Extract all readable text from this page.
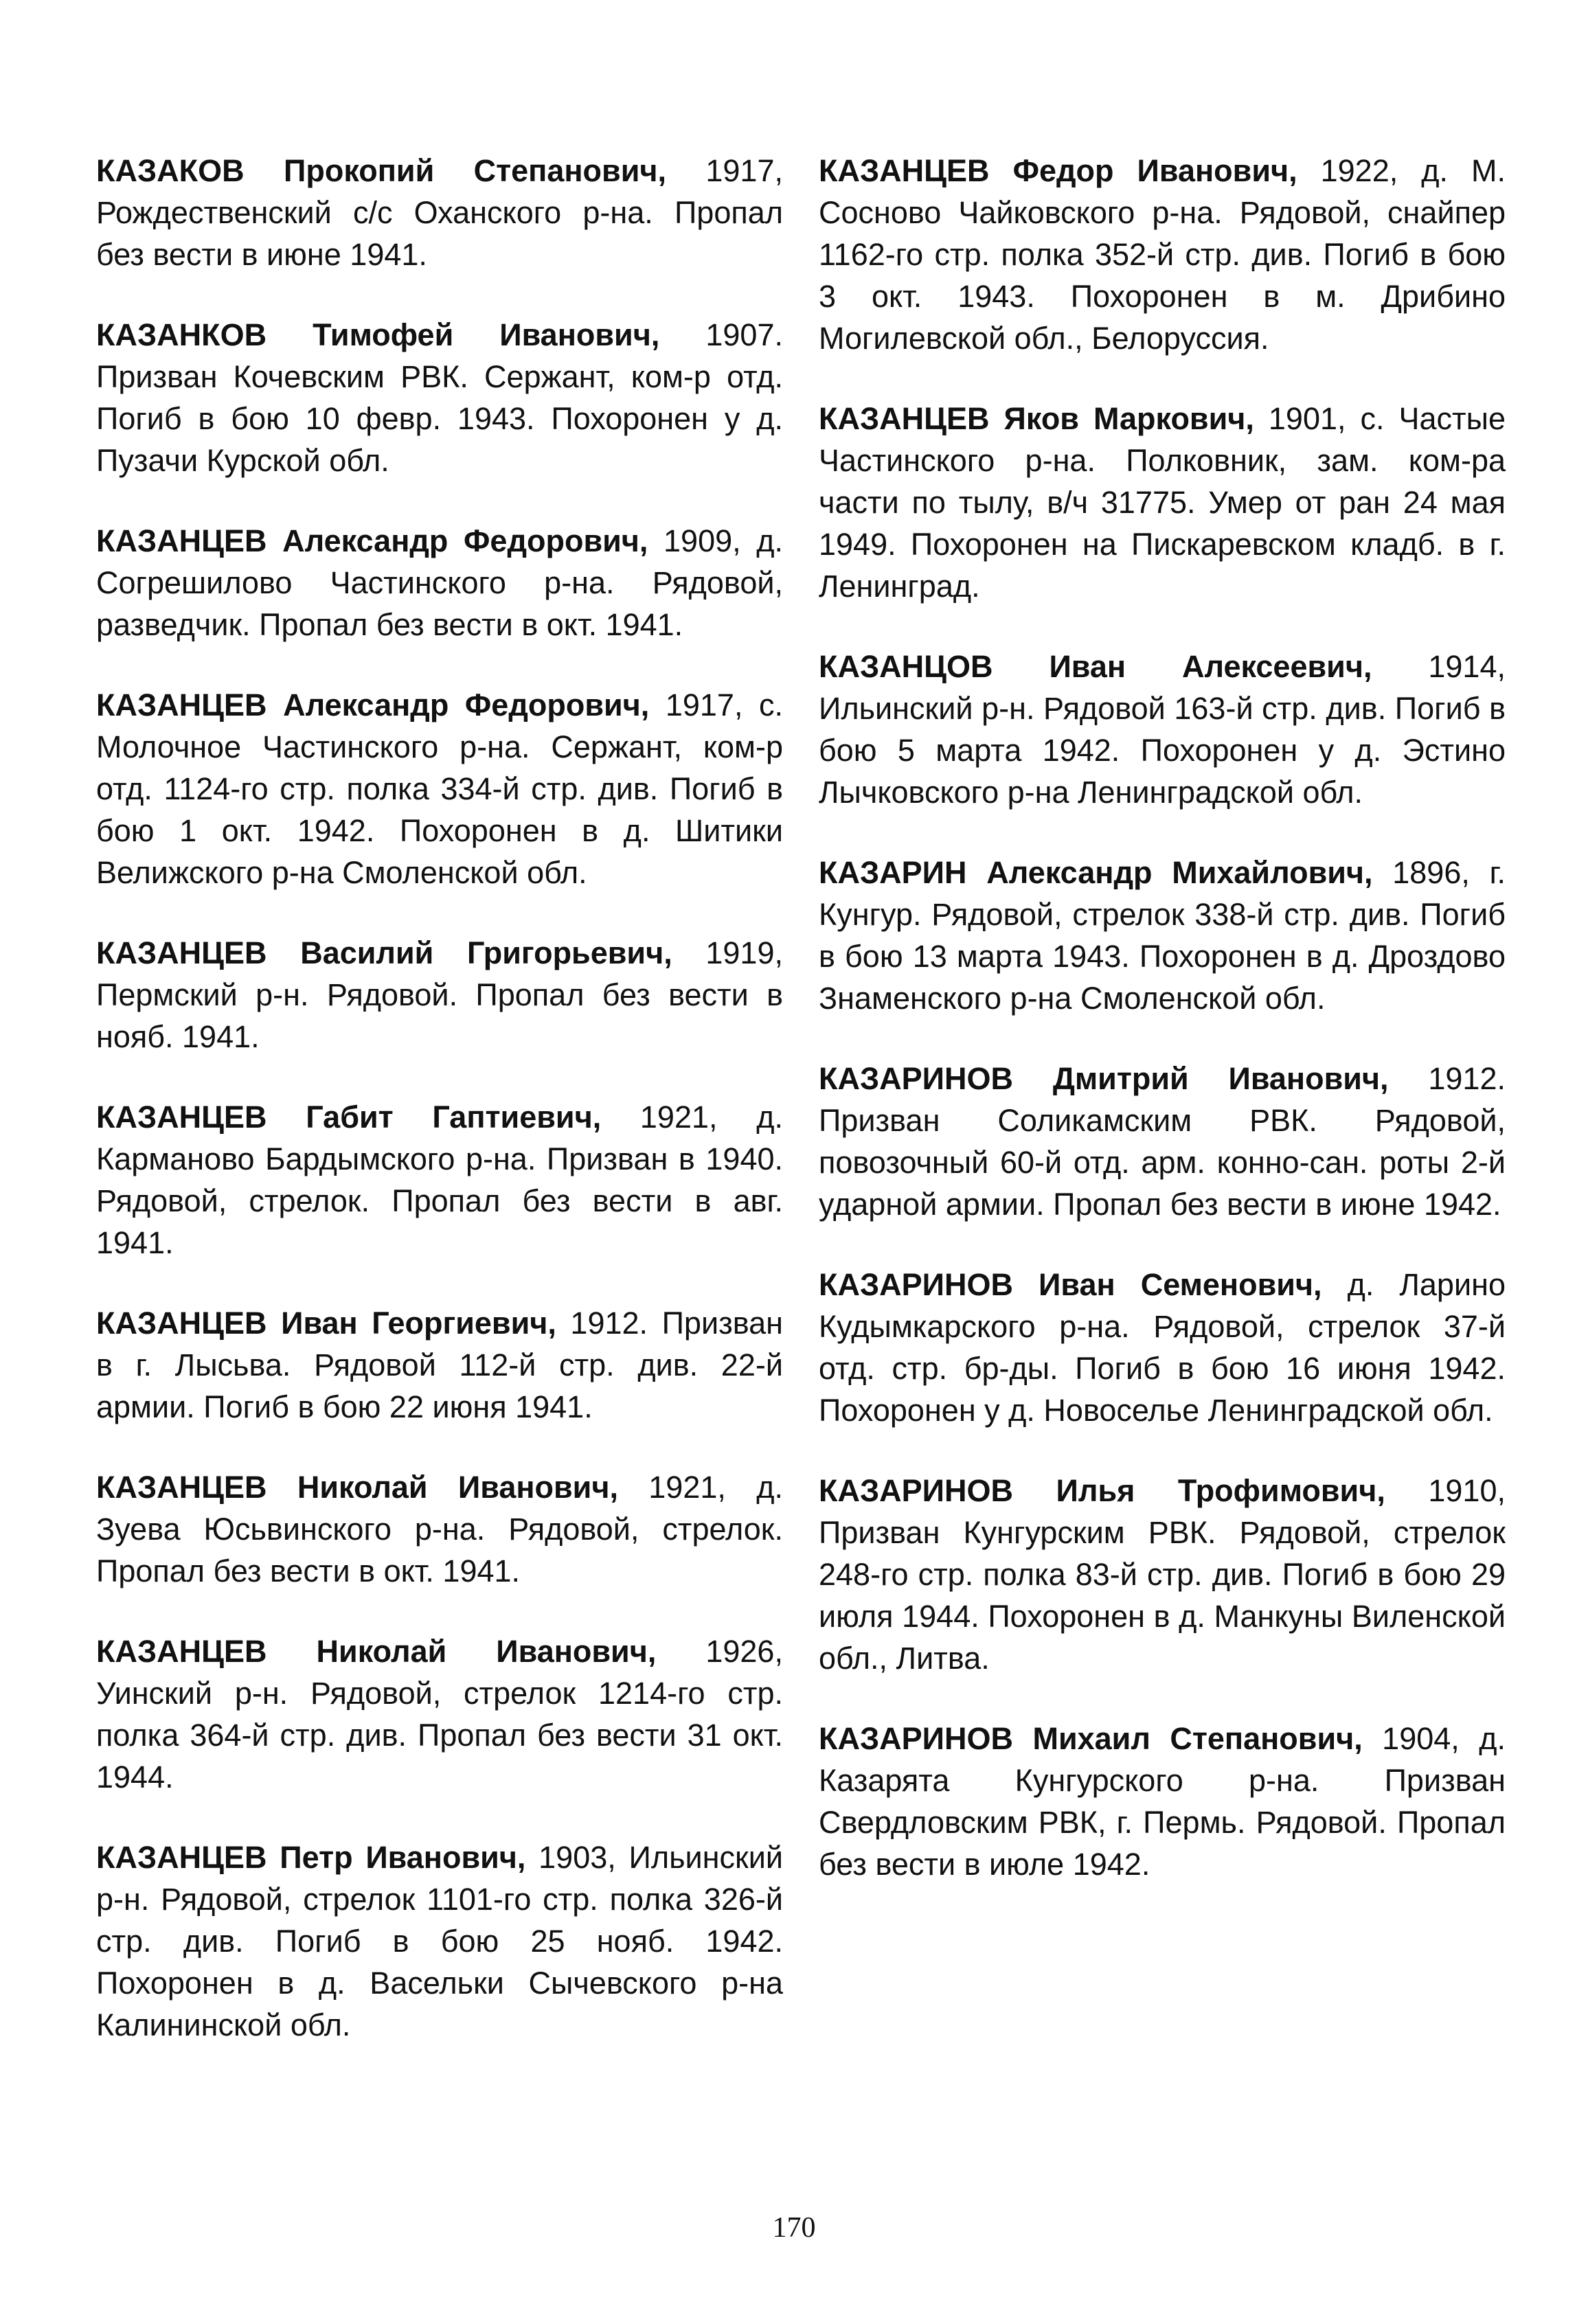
КАЗАКОВ Прокопий Степанович, 1917, Рождественский с/с Оханского р-на. Пропал без вести в июне 1941.

КАЗАНКОВ Тимофей Иванович, 1907. Призван Кочевским РВК. Сержант, ком-р отд. Погиб в бою 10 февр. 1943. Похоронен у д. Пузачи Курской обл.

КАЗАНЦЕВ Александр Федорович, 1909, д. Согрешилово Частинского р-на. Рядовой, разведчик. Пропал без вести в окт. 1941.

КАЗАНЦЕВ Александр Федорович, 1917, с. Молочное Частинского р-на. Сержант, ком-р отд. 1124-го стр. полка 334-й стр. див. Погиб в бою 1 окт. 1942. Похоронен в д. Шитики Велижского р-на Смоленской обл.

КАЗАНЦЕВ Василий Григорьевич, 1919, Пермский р-н. Рядовой. Пропал без вести в нояб. 1941.

КАЗАНЦЕВ Габит Гаптиевич, 1921, д. Карманово Бардымского р-на. Призван в 1940. Рядовой, стрелок. Пропал без вести в авг. 1941.

КАЗАНЦЕВ Иван Георгиевич, 1912. Призван в г. Лысьва. Рядовой 112-й стр. див. 22-й армии. Погиб в бою 22 июня 1941.

КАЗАНЦЕВ Николай Иванович, 1921, д. Зуева Юсьвинского р-на. Рядовой, стрелок. Пропал без вести в окт. 1941.

КАЗАНЦЕВ Николай Иванович, 1926, Уинский р-н. Рядовой, стрелок 1214-го стр. полка 364-й стр. див. Пропал без вести 31 окт. 1944.

КАЗАНЦЕВ Петр Иванович, 1903, Ильинский р-н. Рядовой, стрелок 1101-го стр. полка 326-й стр. див. Погиб в бою 25 нояб. 1942. Похоронен в д. Васельки Сычевского р-на Калининской обл.

КАЗАНЦЕВ Федор Иванович, 1922, д. М. Сосново Чайковского р-на. Рядовой, снайпер 1162-го стр. полка 352-й стр. див. Погиб в бою 3 окт. 1943. Похоронен в м. Дрибино Могилевской обл., Белоруссия.

КАЗАНЦЕВ Яков Маркович, 1901, с. Частые Частинского р-на. Полковник, зам. ком-ра части по тылу, в/ч 31775. Умер от ран 24 мая 1949. Похоронен на Пискаревском кладб. в г. Ленинград.

КАЗАНЦОВ Иван Алексеевич, 1914, Ильинский р-н. Рядовой 163-й стр. див. Погиб в бою 5 марта 1942. Похоронен у д. Эстино Лычковского р-на Ленинградской обл.

КАЗАРИН Александр Михайлович, 1896, г. Кунгур. Рядовой, стрелок 338-й стр. див. Погиб в бою 13 марта 1943. Похоронен в д. Дроздово Знаменского р-на Смоленской обл.

КАЗАРИНОВ Дмитрий Иванович, 1912. Призван Соликамским РВК. Рядовой, повозочный 60-й отд. арм. конно-сан. роты 2-й ударной армии. Пропал без вести в июне 1942.

КАЗАРИНОВ Иван Семенович, д. Ларино Кудымкарского р-на. Рядовой, стрелок 37-й отд. стр. бр-ды. Погиб в бою 16 июня 1942. Похоронен у д. Новоселье Ленинградской обл.

КАЗАРИНОВ Илья Трофимович, 1910, Призван Кунгурским РВК. Рядовой, стрелок 248-го стр. полка 83-й стр. див. Погиб в бою 29 июля 1944. Похоронен в д. Манкуны Виленской обл., Литва.

КАЗАРИНОВ Михаил Степанович, 1904, д. Казарята Кунгурского р-на. Призван Свердловским РВК, г. Пермь. Рядовой. Пропал без вести в июле 1942.

170
